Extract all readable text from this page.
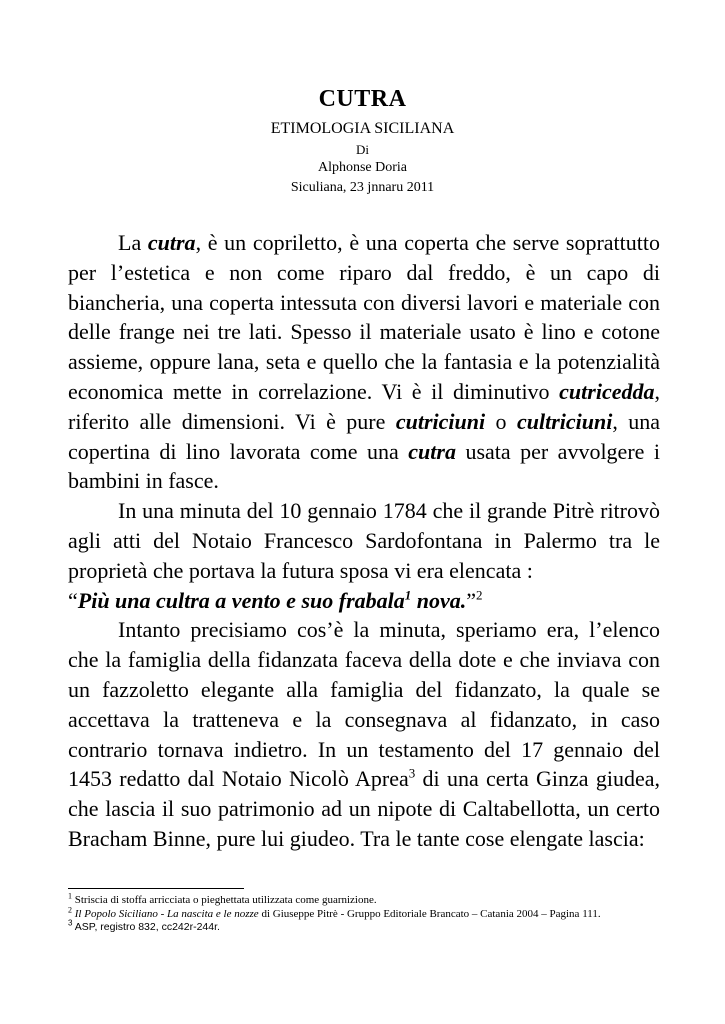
CUTRA
ETIMOLOGIA SICILIANA
Di
Alphonse Doria
Siculiana, 23 jnnaru 2011

La cutra, è un copriletto, è una coperta che serve soprattutto per l’estetica e non come riparo dal freddo, è un capo di biancheria, una coperta intessuta con diversi lavori e materiale con delle frange nei tre lati. Spesso il materiale usato è lino e cotone assieme, oppure lana, seta e quello che la fantasia e la potenzialità economica mette in correlazione. Vi è il diminutivo cutricedda, riferito alle dimensioni. Vi è pure cutriciuni o cultriciuni, una copertina di lino lavorata come una cutra usata per avvolgere i bambini in fasce.

In una minuta del 10 gennaio 1784 che il grande Pitrè ritrovò agli atti del Notaio Francesco Sardofontana in Palermo tra le proprietà che portava la futura sposa vi era elencata :

“Più una cultra a vento e suo frabala$^1$ nova.”$^2$

Intanto precisiamo cos’è la minuta, speriamo era, l’elenco che la famiglia della fidanzata faceva della dote e che inviava con un fazzoletto elegante alla famiglia del fidanzato, la quale se accettava la tratteneva e la consegnava al fidanzato, in caso contrario tornava indietro. In un testamento del 17 gennaio del 1453 redatto dal Notaio Nicolò Aprea$^3$ di una certa Ginza giudea, che lascia il suo patrimonio ad un nipote di Caltabellotta, un certo Bracham Binne, pure lui giudeo. Tra le tante cose elengate lascia:

$^1$ Striscia di stoffa arricciata o pieghettata utilizzata come guarnizione.

$^2$ Il Popolo Siciliano - La nascita e le nozze di Giuseppe Pitrè - Gruppo Editoriale Brancato – Catania 2004 – Pagina 111.

$^3$ ASP, registro 832, cc242r-244r.
